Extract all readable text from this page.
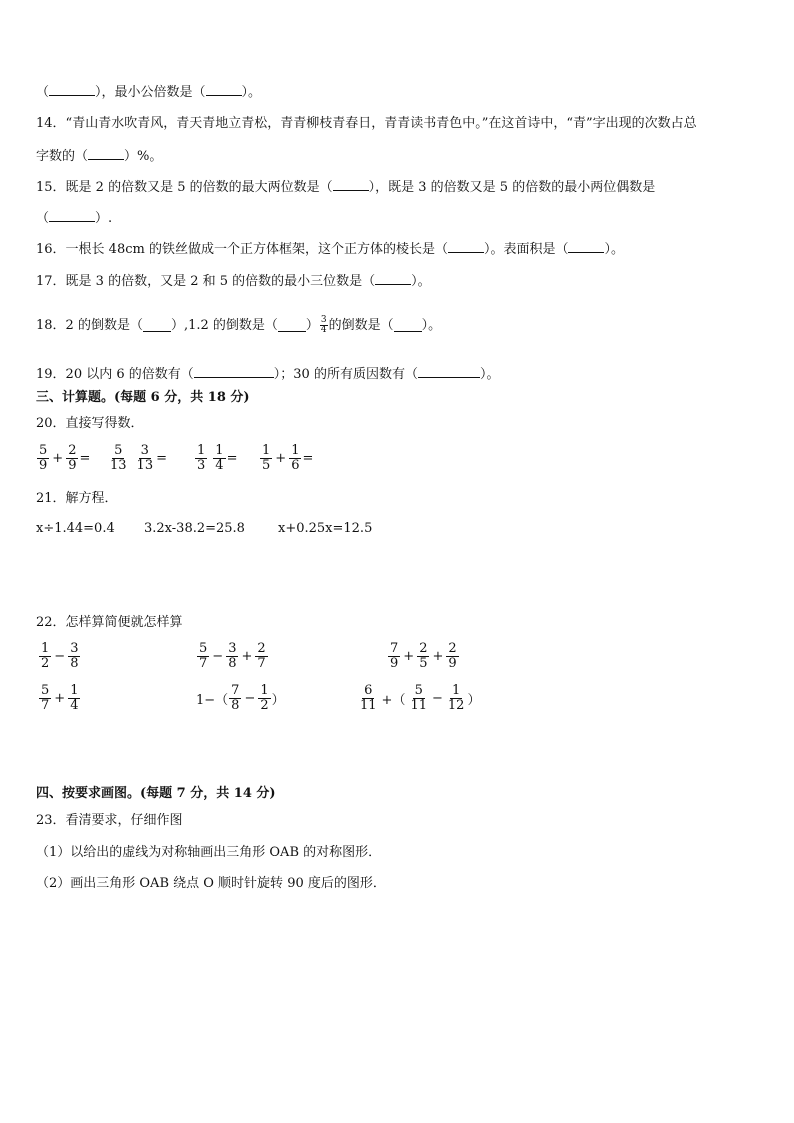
（	），最小公倍数是（	）。
14．“青山青水吹青风，青天青地立青松，青青柳枝青春日，青青读书青色中。”在这首诗中，“青”字出现的次数占总
字数的（	）%。
15．既是 2 的倍数又是 5 的倍数的最大两位数是（	），既是 3 的倍数又是 5 的倍数的最小两位偶数是
（	）.
16．一根长 48cm 的铁丝做成一个正方体框架，这个正方体的棱长是（	）。表面积是（	）。
17．既是 3 的倍数，又是 2 和 5 的倍数的最小三位数是（	）。
18．2 的倒数是（ ）,1.2 的倒数是（ ） $\frac{3}{4}$ 的倒数是（ ）。
19．20 以内 6 的倍数有（	）；30 的所有质因数有（	）。
三、计算题。(每题 6 分，共 18 分)
20．直接写得数．
$\frac{5}{9} + \frac{2}{9} = \frac{5}{13} \frac{3}{13} = \frac{1}{3} \frac{1}{4} = \frac{1}{5} + \frac{1}{6}$ =
21．解方程．
x÷1.44=0.4 3.2x-38.2=25.8	x+0.25x=12.5
22．怎样算简便就怎样算
$\frac{1}{2} - \frac{3}{8}$	$\frac{5}{7} - \frac{3}{8} + \frac{2}{7}$	$\frac{7}{9} + \frac{2}{5} + \frac{2}{9}$
$\frac{5}{7} + \frac{1}{4}$	$1-( \frac{7}{8} - \frac{1}{2}$ ）	$\frac{6}{11}$ +（ $\frac{5}{11} - \frac{1}{12}$ ）
四、按要求画图。(每题 7 分，共 14 分)
23．看清要求，仔细作图
（1）以给出的虚线为对称轴画出三角形 OAB 的对称图形．
（2）画出三角形 OAB 绕点 O 顺时针旋转 90 度后的图形．
